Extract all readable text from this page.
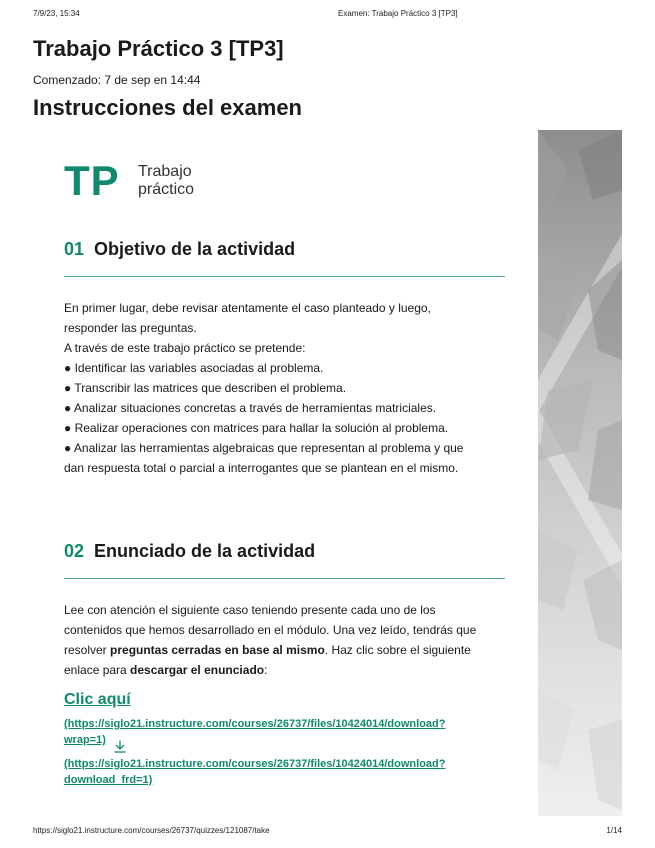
7/9/23, 15:34	Examen: Trabajo Práctico 3 [TP3]
Trabajo Práctico 3 [TP3]
Comenzado: 7 de sep en 14:44
Instrucciones del examen
TP Trabajo
práctico
01 Objetivo de la actividad

En primer lugar, debe revisar atentamente el caso planteado y luego,

responder las preguntas.

A través de este trabajo práctico se pretende:

● Identificar las variables asociadas al problema.

● Transcribir las matrices que describen el problema.

● Analizar situaciones concretas a través de herramientas matriciales.

● Realizar operaciones con matrices para hallar la solución al problema.

● Analizar las herramientas algebraicas que representan al problema y que

dan respuesta total o parcial a interrogantes que se plantean en el mismo.

02 Enunciado de la actividad

Lee con atención el siguiente caso teniendo presente cada uno de los

contenidos que hemos desarrollado en el módulo. Una vez leído, tendrás que

resolver preguntas cerradas en base al mismo. Haz clic sobre el siguiente

enlace para descargar el enunciado:

Clic aquí
(https://siglo21.instructure.com/courses/26737/files/10424014/download?
wrap=1)
(https://siglo21.instructure.com/courses/26737/files/10424014/download?
download_frd=1)
https://siglo21.instructure.com/courses/26737/quizzes/121087/take	1/14
